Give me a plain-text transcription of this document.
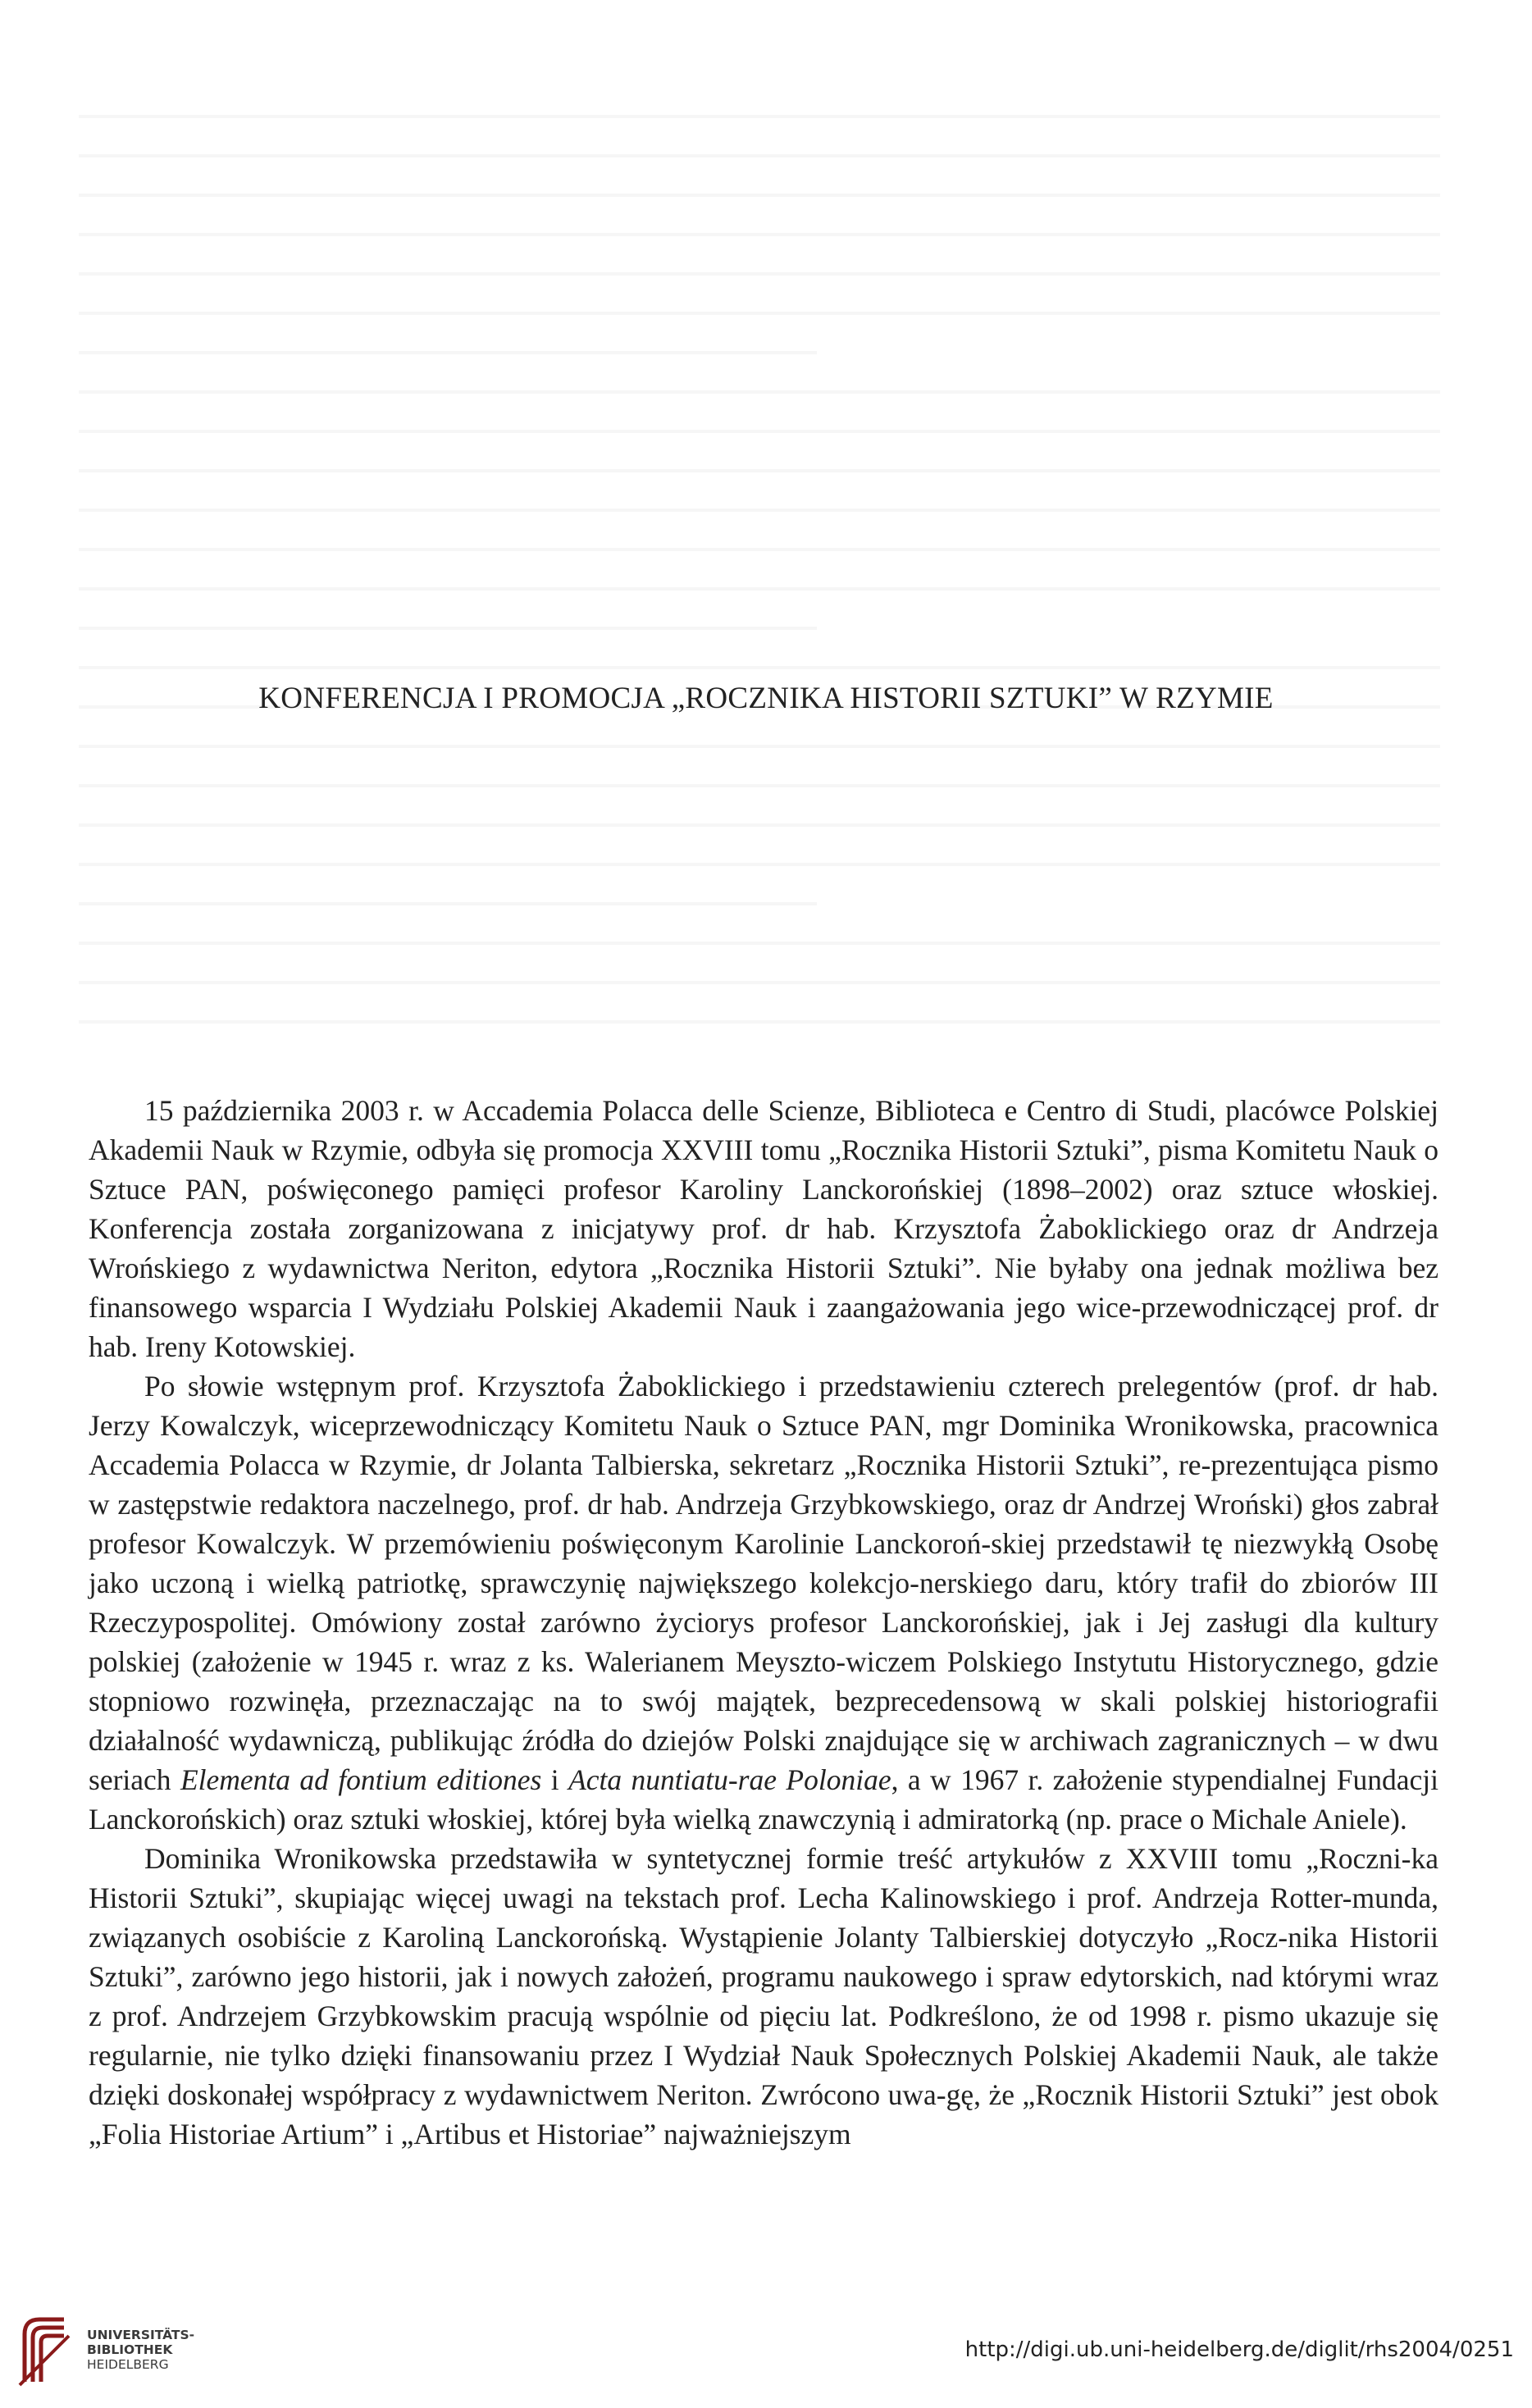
KONFERENCJA I PROMOCJA „ROCZNIKA HISTORII SZTUKI” W RZYMIE

15 października 2003 r. w Accademia Polacca delle Scienze, Biblioteca e Centro di Studi, placówce Polskiej Akademii Nauk w Rzymie, odbyła się promocja XXVIII tomu „Rocznika Historii Sztuki”, pisma Komitetu Nauk o Sztuce PAN, poświęconego pamięci profesor Karoliny Lanckorońskiej (1898–2002) oraz sztuce włoskiej. Konferencja została zorganizowana z inicjatywy prof. dr hab. Krzysztofa Żaboklickiego oraz dr Andrzeja Wrońskiego z wydawnictwa Neriton, edytora „Rocznika Historii Sztuki”. Nie byłaby ona jednak możliwa bez finansowego wsparcia I Wydziału Polskiej Akademii Nauk i zaangażowania jego wice-przewodniczącej prof. dr hab. Ireny Kotowskiej.

Po słowie wstępnym prof. Krzysztofa Żaboklickiego i przedstawieniu czterech prelegentów (prof. dr hab. Jerzy Kowalczyk, wiceprzewodniczący Komitetu Nauk o Sztuce PAN, mgr Dominika Wronikowska, pracownica Accademia Polacca w Rzymie, dr Jolanta Talbierska, sekretarz „Rocznika Historii Sztuki”, re-prezentująca pismo w zastępstwie redaktora naczelnego, prof. dr hab. Andrzeja Grzybkowskiego, oraz dr Andrzej Wroński) głos zabrał profesor Kowalczyk. W przemówieniu poświęconym Karolinie Lanckoroń-skiej przedstawił tę niezwykłą Osobę jako uczoną i wielką patriotkę, sprawczynię największego kolekcjo-nerskiego daru, który trafił do zbiorów III Rzeczypospolitej. Omówiony został zarówno życiorys profesor Lanckorońskiej, jak i Jej zasługi dla kultury polskiej (założenie w 1945 r. wraz z ks. Walerianem Meyszto-wiczem Polskiego Instytutu Historycznego, gdzie stopniowo rozwinęła, przeznaczając na to swój majątek, bezprecedensową w skali polskiej historiografii działalność wydawniczą, publikując źródła do dziejów Polski znajdujące się w archiwach zagranicznych – w dwu seriach Elementa ad fontium editiones i Acta nuntiatu-rae Poloniae, a w 1967 r. założenie stypendialnej Fundacji Lanckorońskich) oraz sztuki włoskiej, której była wielką znawczynią i admiratorką (np. prace o Michale Aniele).

Dominika Wronikowska przedstawiła w syntetycznej formie treść artykułów z XXVIII tomu „Roczni-ka Historii Sztuki”, skupiając więcej uwagi na tekstach prof. Lecha Kalinowskiego i prof. Andrzeja Rotter-munda, związanych osobiście z Karoliną Lanckorońską. Wystąpienie Jolanty Talbierskiej dotyczyło „Rocz-nika Historii Sztuki”, zarówno jego historii, jak i nowych założeń, programu naukowego i spraw edytorskich, nad którymi wraz z prof. Andrzejem Grzybkowskim pracują wspólnie od pięciu lat. Podkreślono, że od 1998 r. pismo ukazuje się regularnie, nie tylko dzięki finansowaniu przez I Wydział Nauk Społecznych Polskiej Akademii Nauk, ale także dzięki doskonałej współpracy z wydawnictwem Neriton. Zwrócono uwa-gę, że „Rocznik Historii Sztuki” jest obok „Folia Historiae Artium” i „Artibus et Historiae” najważniejszym

UNIVERSITÄTS-
BIBLIOTHEK
HEIDELBERG
http://digi.ub.uni-heidelberg.de/diglit/rhs2004/0251
